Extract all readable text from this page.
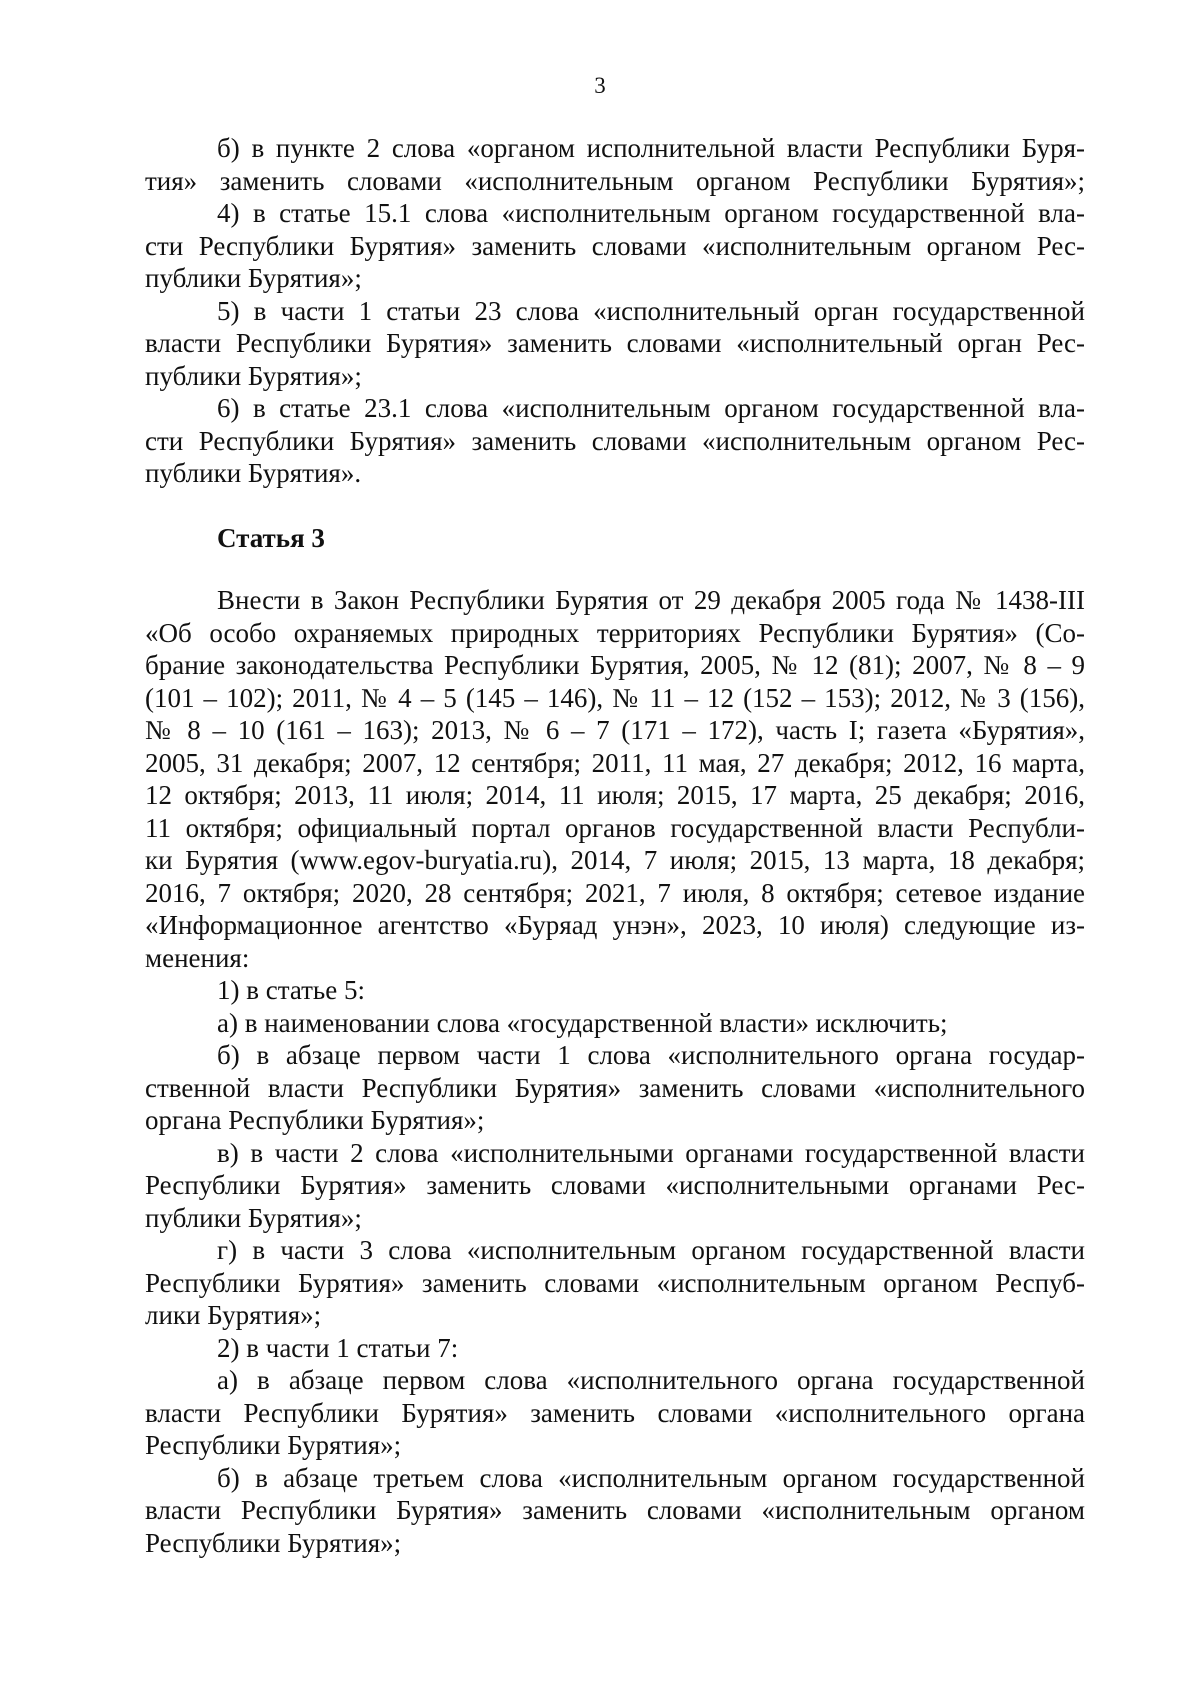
3
б) в пункте 2 слова «органом исполнительной власти Республики Буря-
тия» заменить словами «исполнительным органом Республики Бурятия»;
4) в статье 15.1 слова «исполнительным органом государственной вла-
сти Республики Бурятия» заменить словами «исполнительным органом Рес-
публики Бурятия»;
5) в части 1 статьи 23 слова «исполнительный орган государственной
власти Республики Бурятия» заменить словами «исполнительный орган Рес-
публики Бурятия»;
6) в статье 23.1 слова «исполнительным органом государственной вла-
сти Республики Бурятия» заменить словами «исполнительным органом Рес-
публики Бурятия».
Статья 3
Внести в Закон Республики Бурятия от 29 декабря 2005 года № 1438-III
«Об особо охраняемых природных территориях Республики Бурятия» (Со-
брание законодательства Республики Бурятия, 2005, № 12 (81); 2007, № 8 – 9
(101 – 102); 2011, № 4 – 5 (145 – 146), № 11 – 12 (152 – 153); 2012, № 3 (156),
№ 8 – 10 (161 – 163); 2013, № 6 – 7 (171 – 172), часть I; газета «Бурятия»,
2005, 31 декабря; 2007, 12 сентября; 2011, 11 мая, 27 декабря; 2012, 16 марта,
12 октября; 2013, 11 июля; 2014, 11 июля; 2015, 17 марта, 25 декабря; 2016,
11 октября; официальный портал органов государственной власти Республи-
ки Бурятия (www.egov-buryatia.ru), 2014, 7 июля; 2015, 13 марта, 18 декабря;
2016, 7 октября; 2020, 28 сентября; 2021, 7 июля, 8 октября; сетевое издание
«Информационное агентство «Буряад унэн», 2023, 10 июля) следующие из-
менения:
1) в статье 5:
а) в наименовании слова «государственной власти» исключить;
б) в абзаце первом части 1 слова «исполнительного органа государ-
ственной власти Республики Бурятия» заменить словами «исполнительного
органа Республики Бурятия»;
в) в части 2 слова «исполнительными органами государственной власти
Республики Бурятия» заменить словами «исполнительными органами Рес-
публики Бурятия»;
г) в части 3 слова «исполнительным органом государственной власти
Республики Бурятия» заменить словами «исполнительным органом Респуб-
лики Бурятия»;
2) в части 1 статьи 7:
а) в абзаце первом слова «исполнительного органа государственной
власти Республики Бурятия» заменить словами «исполнительного органа
Республики Бурятия»;
б) в абзаце третьем слова «исполнительным органом государственной
власти Республики Бурятия» заменить словами «исполнительным органом
Республики Бурятия»;
